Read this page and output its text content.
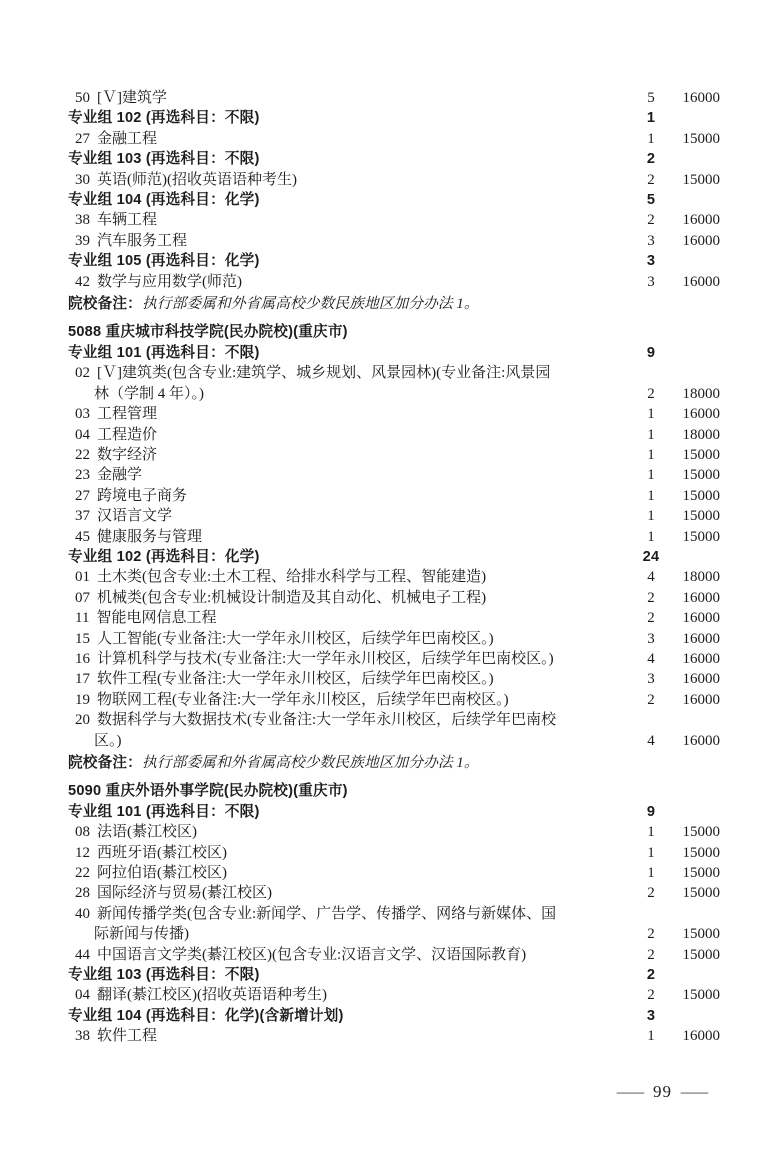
50 [Ｖ]建筑学	5	16000
专业组 102 (再选科目：不限)	1
27 金融工程	1	15000
专业组 103 (再选科目：不限)	2
30 英语(师范)(招收英语语种考生)	2	15000
专业组 104 (再选科目：化学)	5
38 车辆工程	2	16000
39 汽车服务工程	3	16000
专业组 105 (再选科目：化学)	3
42 数学与应用数学(师范)	3	16000
院校备注：执行部委属和外省属高校少数民族地区加分办法 1。
5088 重庆城市科技学院(民办院校)(重庆市)
专业组 101 (再选科目：不限)	9
02 [Ｖ]建筑类(包含专业:建筑学、城乡规划、风景园林)(专业备注:风景园
林（学制 4 年）。)	2	18000
03 工程管理	1	16000
04 工程造价	1	18000
22 数字经济	1	15000
23 金融学	1	15000
27 跨境电子商务	1	15000
37 汉语言文学	1	15000
45 健康服务与管理	1	15000
专业组 102 (再选科目：化学)	24
01 土木类(包含专业:土木工程、给排水科学与工程、智能建造)	4	18000
07 机械类(包含专业:机械设计制造及其自动化、机械电子工程)	2	16000
11 智能电网信息工程	2	16000
15 人工智能(专业备注:大一学年永川校区，后续学年巴南校区。)	3	16000
16 计算机科学与技术(专业备注:大一学年永川校区，后续学年巴南校区。)	4	16000
17 软件工程(专业备注:大一学年永川校区，后续学年巴南校区。)	3	16000
19 物联网工程(专业备注:大一学年永川校区，后续学年巴南校区。)	2	16000
20 数据科学与大数据技术(专业备注:大一学年永川校区，后续学年巴南校
区。)	4	16000
院校备注：执行部委属和外省属高校少数民族地区加分办法 1。
5090 重庆外语外事学院(民办院校)(重庆市)
专业组 101 (再选科目：不限)	9
08 法语(綦江校区)	1	15000
12 西班牙语(綦江校区)	1	15000
22 阿拉伯语(綦江校区)	1	15000
28 国际经济与贸易(綦江校区)	2	15000
40 新闻传播学类(包含专业:新闻学、广告学、传播学、网络与新媒体、国
际新闻与传播)	2	15000
44 中国语言文学类(綦江校区)(包含专业:汉语言文学、汉语国际教育)	2	15000
专业组 103 (再选科目：不限)	2
04 翻译(綦江校区)(招收英语语种考生)	2	15000
专业组 104 (再选科目：化学)(含新增计划)	3
38 软件工程	1	16000
— 99 —
